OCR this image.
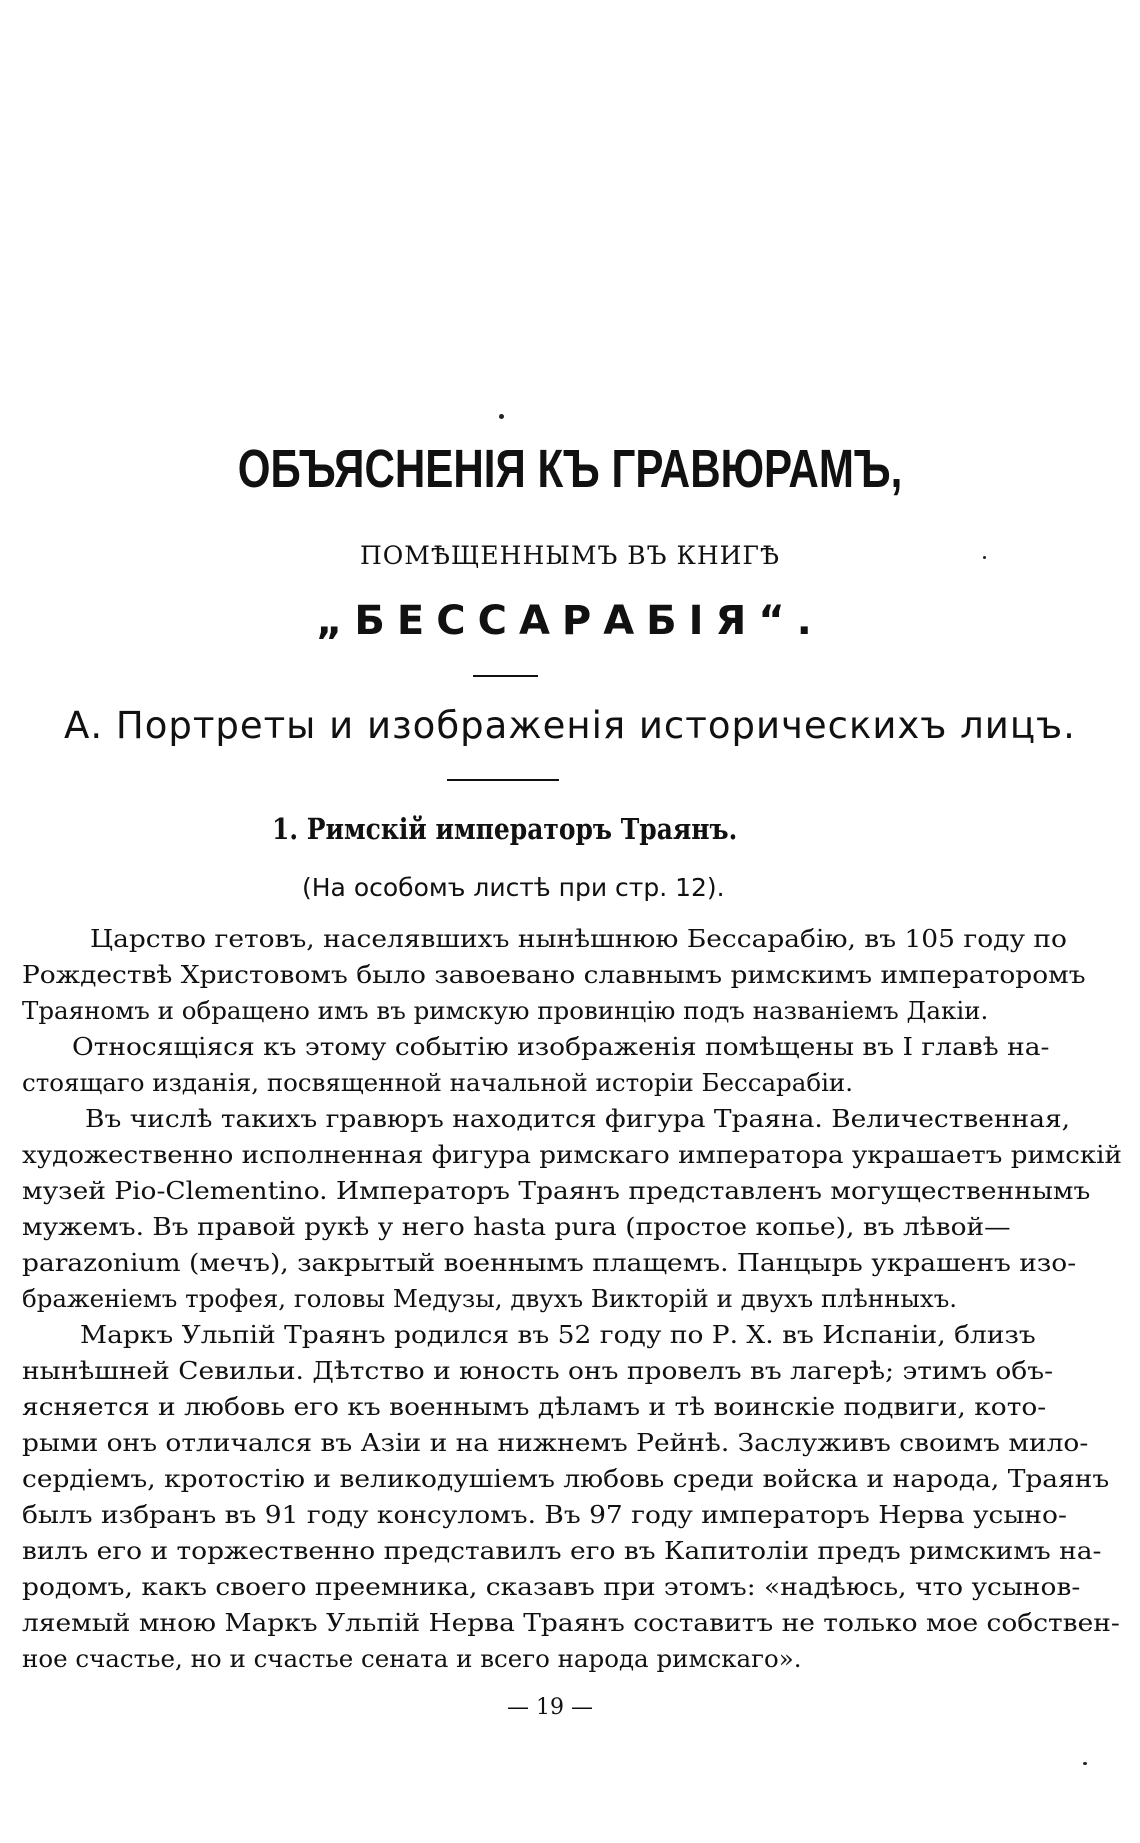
ОБЪЯСНЕНІЯ КЪ ГРАВЮРАМЪ,
ПОМѢЩЕННЫМЪ ВЪ КНИГѢ
„БЕССАРАБІЯ“.
А. Портреты и изображенія историческихъ лицъ.
1. Римскій императоръ Траянъ.
(На особомъ листѣ при стр. 12).
Царство гетовъ, населявшихъ нынѣшнюю Бессарабію, въ 105 году по
Рождествѣ Христовомъ было завоевано славнымъ римскимъ императоромъ
Траяномъ и обращено имъ въ римскую провинцію подъ названіемъ Дакіи.
Относящіяся къ этому событію изображенія помѣщены въ I главѣ на-
стоящаго изданія, посвященной начальной исторіи Бессарабіи.
Въ числѣ такихъ гравюръ находится фигура Траяна. Величественная,
художественно исполненная фигура римскаго императора украшаетъ римскій
музей Pio-Clementino. Императоръ Траянъ представленъ могущественнымъ
мужемъ. Въ правой рукѣ у него hasta pura (простое копье), въ лѣвой—
parazonium (мечъ), закрытый военнымъ плащемъ. Панцырь украшенъ изо-
браженіемъ трофея, головы Медузы, двухъ Викторій и двухъ плѣнныхъ.
Маркъ Ульпій Траянъ родился въ 52 году по Р. Х. въ Испаніи, близъ
нынѣшней Севильи. Дѣтство и юность онъ провелъ въ лагерѣ; этимъ объ-
ясняется и любовь его къ военнымъ дѣламъ и тѣ воинскіе подвиги, кото-
рыми онъ отличался въ Азіи и на нижнемъ Рейнѣ. Заслуживъ своимъ мило-
сердіемъ, кротостію и великодушіемъ любовь среди войска и народа, Траянъ
былъ избранъ въ 91 году консуломъ. Въ 97 году императоръ Нерва усыно-
вилъ его и торжественно представилъ его въ Капитоліи предъ римскимъ на-
родомъ, какъ своего преемника, сказавъ при этомъ: «надѣюсь, что усынов-
ляемый мною Маркъ Ульпій Нерва Траянъ составитъ не только мое собствен-
ное счастье, но и счастье сената и всего народа римскаго».
— 19 —
